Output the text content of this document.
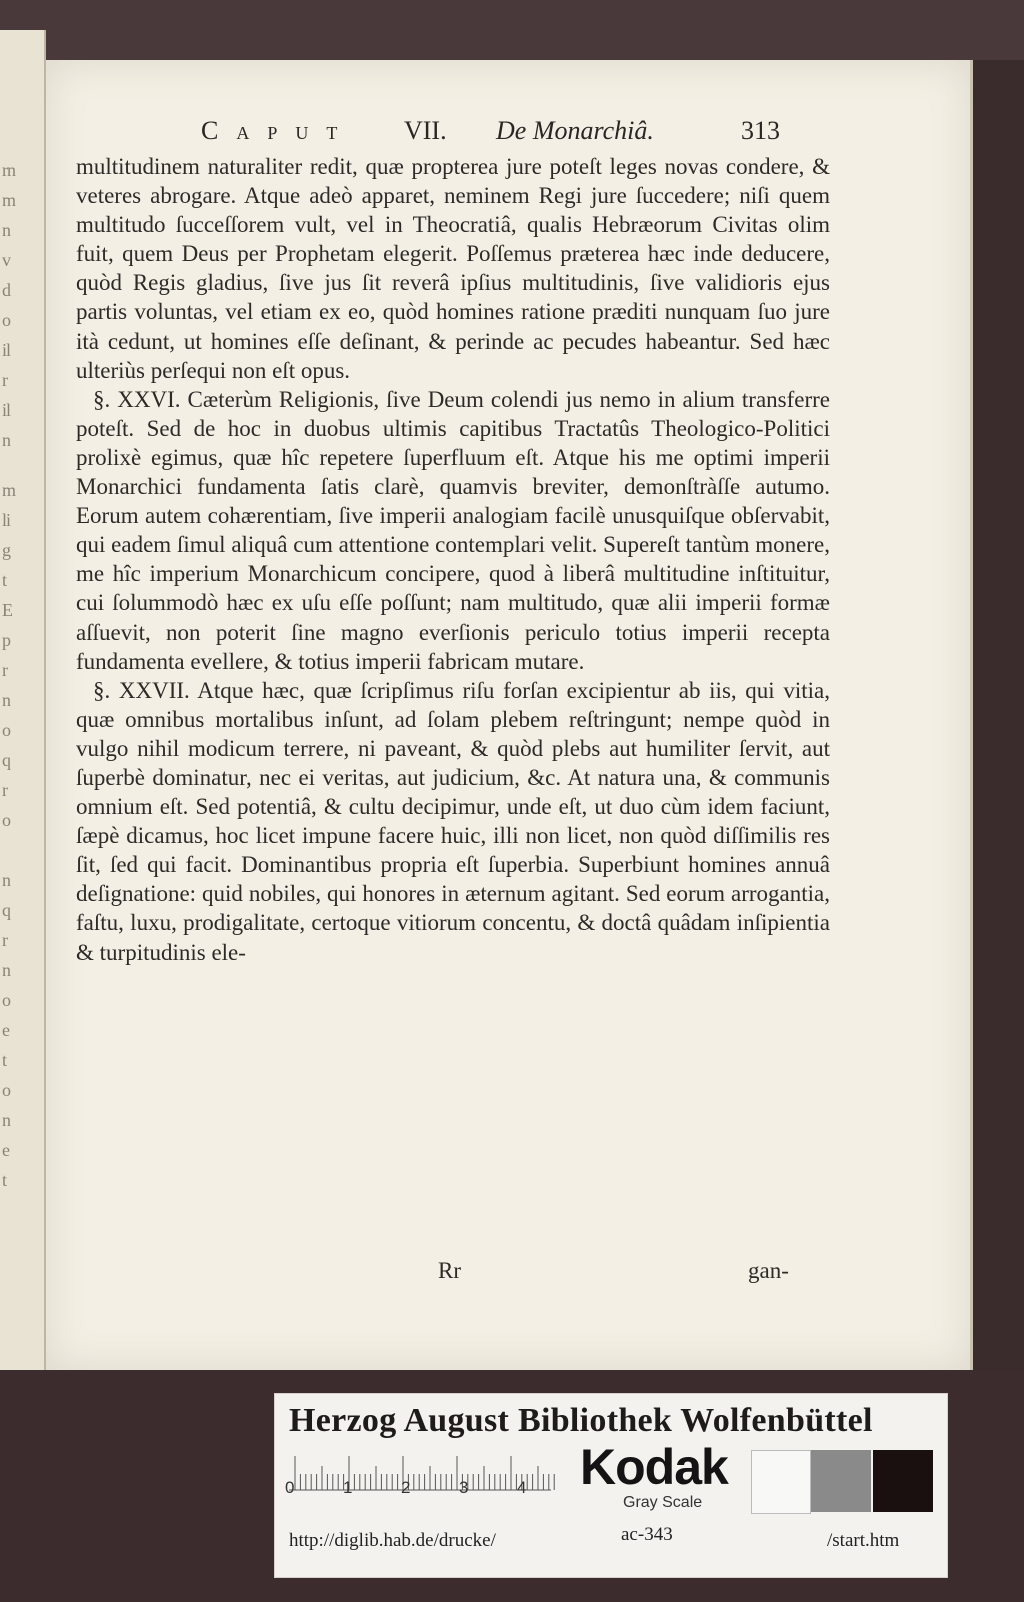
rn
m
n
v
d
o
il
r
il
n
m
li
g
t
E
p
r
n
o
q
r
o
n
q
r
n
o
e
t
o
n
e
t
Caput VII. De Monarchiâ.	313

multitudinem naturaliter redit, quæ propterea jure poteſt leges novas condere, & veteres abrogare. Atque adeò apparet, neminem Regi jure ſuccedere; niſi quem multitudo ſucceſſorem vult, vel in Theocratiâ, qualis Hebræorum Civitas olim fuit, quem Deus per Prophetam elegerit. Poſſemus præterea hæc inde deducere, quòd Regis gladius, ſive jus ſit reverâ ipſius multitudinis, ſive validioris ejus partis voluntas, vel etiam ex eo, quòd homines ratione præditi nunquam ſuo jure ità cedunt, ut homines eſſe deſinant, & perinde ac pecudes habeantur. Sed hæc ulteriùs perſequi non eſt opus.

§. XXVI. Cæterùm Religionis, ſive Deum colendi jus nemo in alium transferre poteſt. Sed de hoc in duobus ultimis capitibus Tractatûs Theologico-Politici prolixè egimus, quæ hîc repetere ſuperfluum eſt. Atque his me optimi imperii Monarchici fundamenta ſatis clarè, quamvis breviter, demonſtràſſe autumo. Eorum autem cohærentiam, ſive imperii analogiam facilè unusquiſque obſervabit, qui eadem ſimul aliquâ cum attentione contemplari velit. Supereſt tantùm monere, me hîc imperium Monarchicum concipere, quod à liberâ multitudine inſtituitur, cui ſolummodò hæc ex uſu eſſe poſſunt; nam multitudo, quæ alii imperii formæ aſſuevit, non poterit ſine magno everſionis periculo totius imperii recepta fundamenta evellere, & totius imperii fabricam mutare.

§. XXVII. Atque hæc, quæ ſcripſimus riſu forſan excipientur ab iis, qui vitia, quæ omnibus mortalibus inſunt, ad ſolam plebem reſtringunt; nempe quòd in vulgo nihil modicum terrere, ni paveant, & quòd plebs aut humiliter ſervit, aut ſuperbè dominatur, nec ei veritas, aut judicium, &c. At natura una, & communis omnium eſt. Sed potentiâ, & cultu decipimur, unde eſt, ut duo cùm idem faciunt, ſæpè dicamus, hoc licet impune facere huic, illi non licet, non quòd diſſimilis res ſit, ſed qui facit. Dominantibus propria eſt ſuperbia. Superbiunt homines annuâ deſignatione: quid nobiles, qui honores in æternum agitant. Sed eorum arrogantia, faſtu, luxu, prodigalitate, certoque vitiorum concentu, & doctâ quâdam inſipientia & turpitudinis ele-

Rr	gan-
Herzog August Bibliothek Wolfenbüttel
0	1	2	3	4 Kodak
Gray Scale
http://diglib.hab.de/drucke/	ac-343	/start.htm
